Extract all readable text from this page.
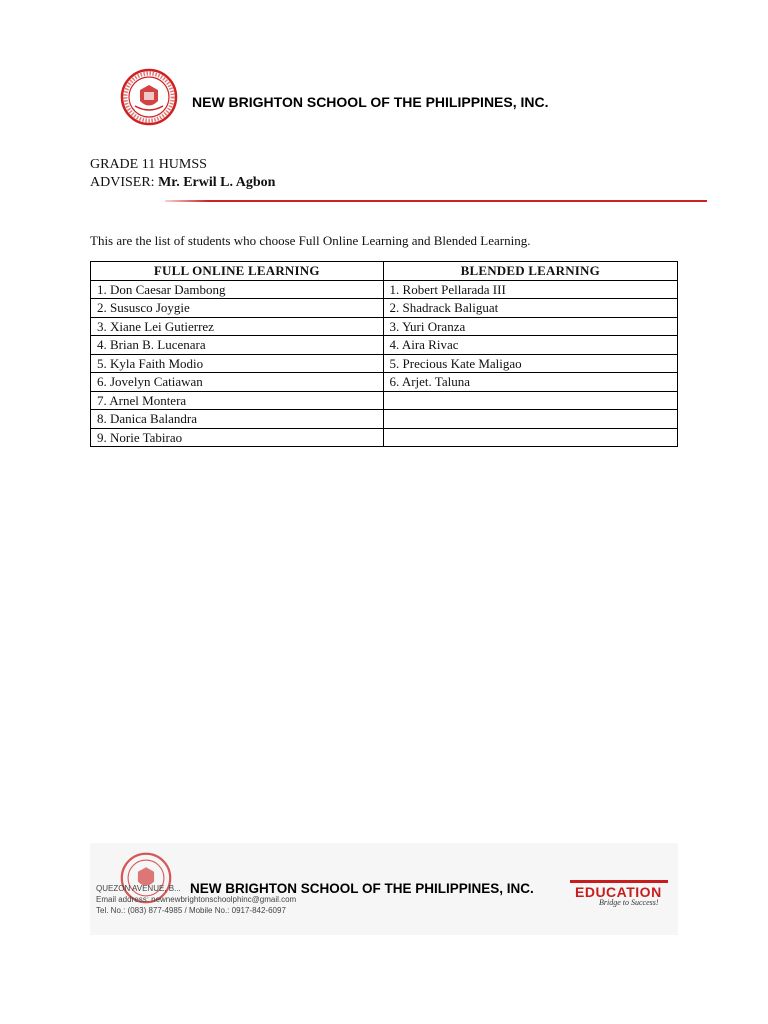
NEW BRIGHTON SCHOOL OF THE PHILIPPINES, INC.
GRADE 11 HUMSS
ADVISER: Mr. Erwil L. Agbon
This are the list of students who choose Full Online Learning and Blended Learning.
FULL ONLINE LEARNING	BLENDED LEARNING
1. Don Caesar Dambong	1. Robert Pellarada III
2. Sususco Joygie	2. Shadrack Baliguat
3. Xiane Lei Gutierrez	3. Yuri Oranza
4. Brian B. Lucenara	4. Aira Rivac
5. Kyla Faith Modio	5. Precious Kate Maligao
6. Jovelyn Catiawan	6. Arjet. Taluna
7. Arnel Montera	
8. Danica Balandra	
9. Norie Tabirao	
QUEZON AVENUE, B...
Email address: newnewbrightonschoolphinc@gmail.com
Tel. No.: (083) 877-4985 / Mobile No.: 0917-842-6097
NEW BRIGHTON SCHOOL OF THE PHILIPPINES, INC.	EDUCATION
Bridge to Success!
